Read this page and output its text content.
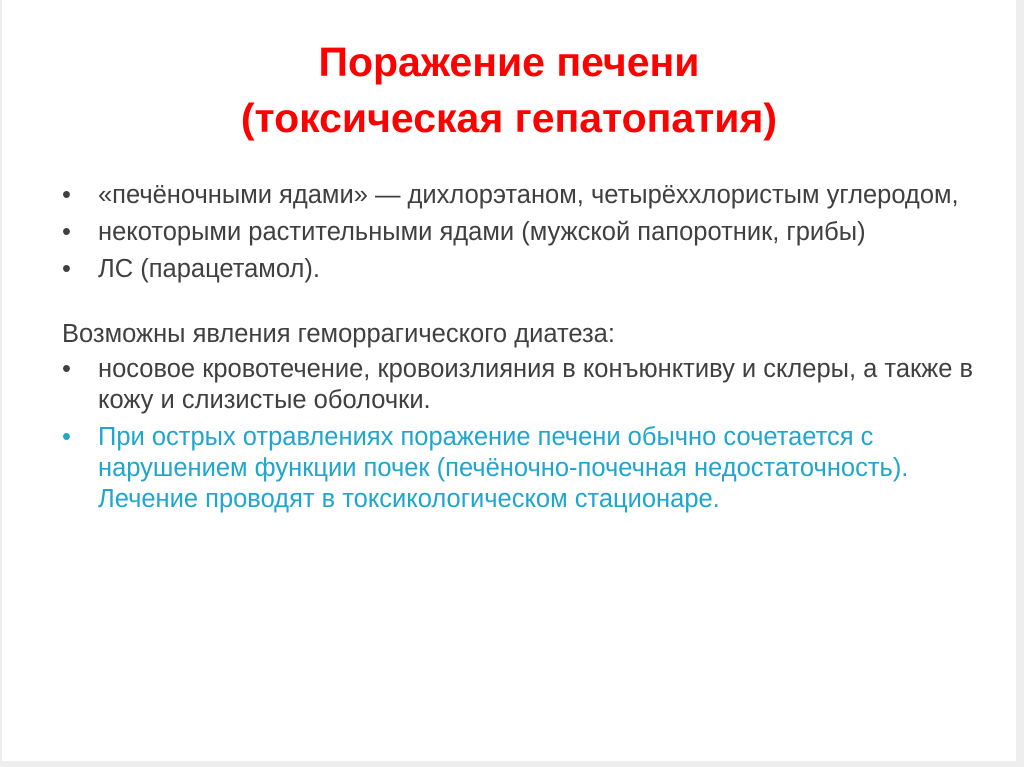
Поражение печени
(токсическая гепатопатия)
•	«печёночными ядами» — дихлорэтаном, четырёххлористым углеродом,
•	некоторыми растительными ядами (мужской папоротник, грибы)
•	ЛС (парацетамол).
Возможны явления геморрагического диатеза:
•	носовое кровотечение, кровоизлияния в конъюнктиву и склеры, а также в кожу и слизистые оболочки.
•	При острых отравлениях поражение печени обычно сочетается с нарушением функции почек (печёночно-почечная недостаточность). Лечение проводят в токсикологическом стационаре.
